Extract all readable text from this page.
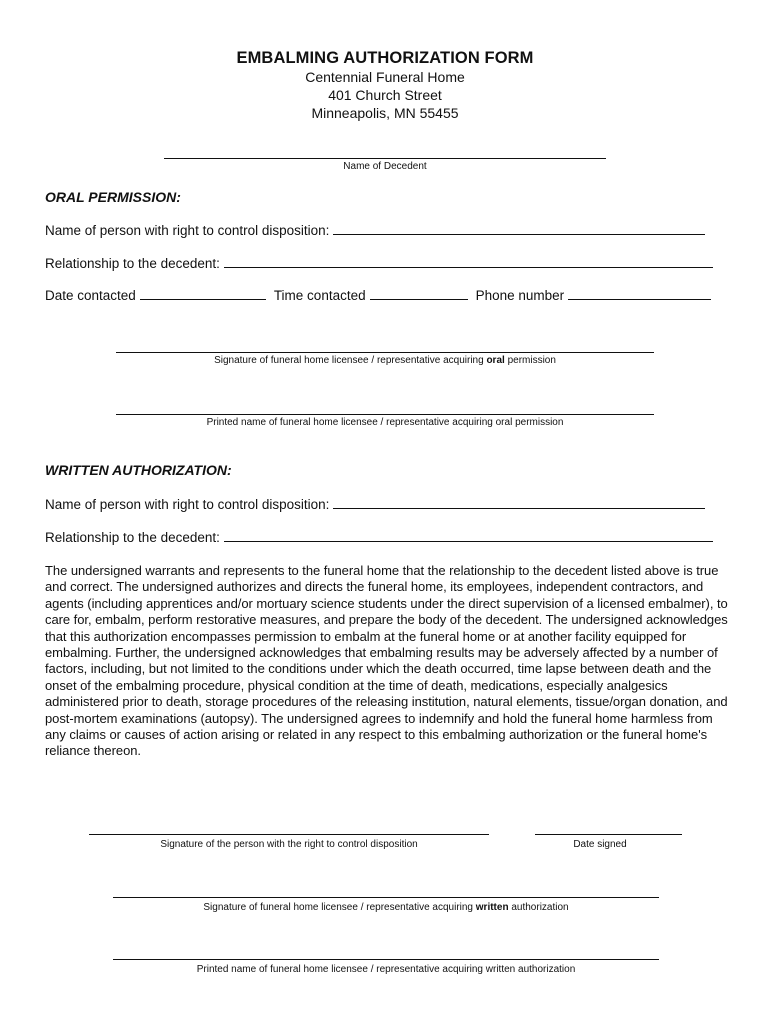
EMBALMING AUTHORIZATION FORM
Centennial Funeral Home
401 Church Street
Minneapolis, MN 55455
Name of Decedent
ORAL PERMISSION:
Name of person with right to control disposition:
Relationship to the decedent:
Date contacted	Time contacted	Phone number
Signature of funeral home licensee / representative acquiring oral permission
Printed name of funeral home licensee / representative acquiring oral permission
WRITTEN AUTHORIZATION:
Name of person with right to control disposition:
Relationship to the decedent:
The undersigned warrants and represents to the funeral home that the relationship to the decedent listed above is true and correct. The undersigned authorizes and directs the funeral home, its employees, independent contractors, and agents (including apprentices and/or mortuary science students under the direct supervision of a licensed embalmer), to care for, embalm, perform restorative measures, and prepare the body of the decedent. The undersigned acknowledges that this authorization encompasses permission to embalm at the funeral home or at another facility equipped for embalming. Further, the undersigned acknowledges that embalming results may be adversely affected by a number of factors, including, but not limited to the conditions under which the death occurred, time lapse between death and the onset of the embalming procedure, physical condition at the time of death, medications, especially analgesics administered prior to death, storage procedures of the releasing institution, natural elements, tissue/organ donation, and post-mortem examinations (autopsy). The undersigned agrees to indemnify and hold the funeral home harmless from any claims or causes of action arising or related in any respect to this embalming authorization or the funeral home's reliance thereon.
Signature of the person with the right to control disposition	Date signed
Signature of funeral home licensee / representative acquiring written authorization
Printed name of funeral home licensee / representative acquiring written authorization
